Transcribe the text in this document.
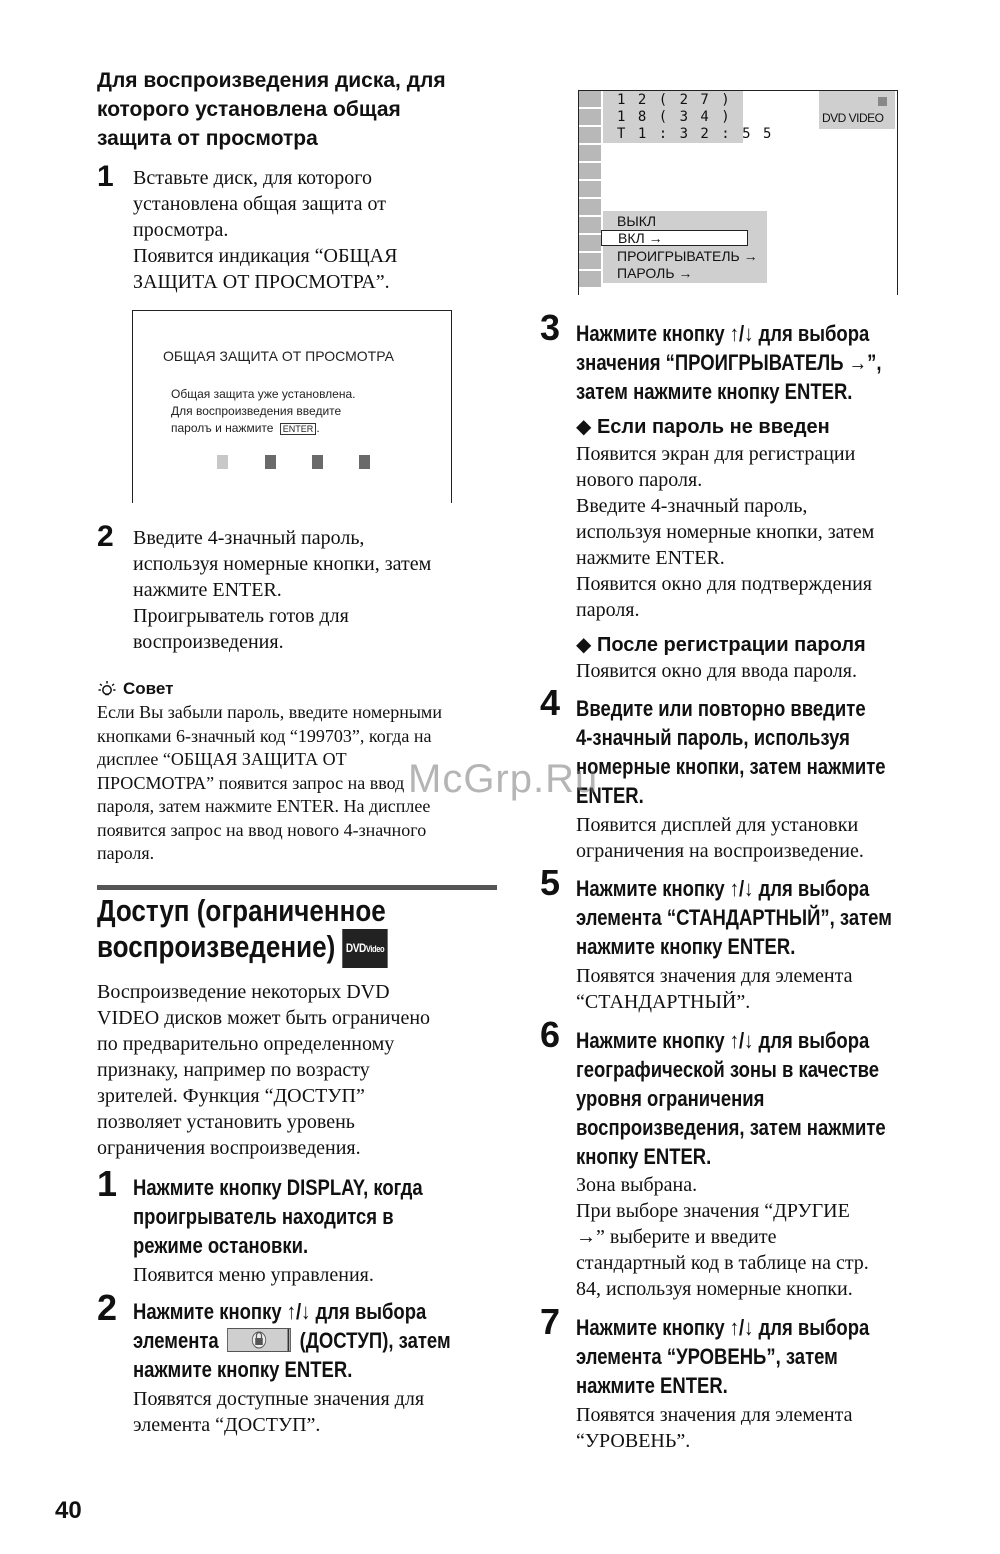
Для воспроизведения диска, для
которого установлена общая
защита от просмотра
1 Вставьте диск, для которого
установлена общая защита от
просмотра.
Появится индикация “ОБЩАЯ
ЗАЩИТА ОТ ПРОСМОТРА”.
ОБЩАЯ ЗАЩИТА ОТ ПРОСМОТРА
Общая защита уже установлена.
Для воспроизведения введите
паролъ и нажмите ENTER .
2 Введите 4-значный пароль,
используя номерные кнопки, затем
нажмите ENTER.
Проигрыватель готов для
воспроизведения.
Совет
Если Вы забыли пароль, введите номерными
кнопками 6-значный код “199703”, когда на
дисплее “ОБЩАЯ ЗАЩИТА ОТ
ПРОСМОТРА” появится запрос на ввод
пароля, затем нажмите ENTER. На дисплее
появится запрос на ввод нового 4-значного
пароля.
Доступ (ограниченное
воспроизведение) DVDVideo
Воспроизведение некоторых DVD
VIDEO дисков может быть ограничено
по предварительно определенному
признаку, например по возрасту
зрителей. Функция “ДОСТУП”
позволяет установить уровень
ограничения воспроизведения.
1 Нажмите кнопку DISPLAY, когда
проигрыватель находится в
режиме остановки.
Появится меню управления.
2 Нажмите кнопку ↑/↓ для выбора
элемента	(ДОСТУП), затем
нажмите кнопку ENTER.
Появятся доступные значения для
элемента “ДОСТУП”.
40
1 2 ( 2 7 )
1 8 ( 3 4 )
T 1 : 3 2 : 5 5
DVD VIDEO
ВЫКЛ
ВКЛ →
ПРОИГРЫВАТЕЛЬ →
ПАРОЛЬ →
3 Нажмите кнопку ↑/↓ для выбора
значения “ПРОИГРЫВАТЕЛЬ →”,
затем нажмите кнопку ENTER.
◆ Если пароль не введен
Появится экран для регистрации
нового пароля.
Введите 4-значный пароль,
используя номерные кнопки, затем
нажмите ENTER.
Появится окно для подтверждения
пароля.
◆ После регистрации пароля
Появится окно для ввода пароля.
4 Введите или повторно введите
4-значный пароль, используя
номерные кнопки, затем нажмите
ENTER.
Появится дисплей для установки
ограничения на воспроизведение.
5 Нажмите кнопку ↑/↓ для выбора
элемента “СТАНДАРТНЫЙ”, затем
нажмите кнопку ENTER.
Появятся значения для элемента
“СТАНДАРТНЫЙ”.
6 Нажмите кнопку ↑/↓ для выбора
географической зоны в качестве
уровня ограничения
воспроизведения, затем нажмите
кнопку ENTER.
Зона выбрана.
При выборе значения “ДРУГИЕ
→” выберите и введите
стандартный код в таблице на стр.
84, используя номерные кнопки.
7 Нажмите кнопку ↑/↓ для выбора
элемента “УРОВЕНЬ”, затем
нажмите ENTER.
Появятся значения для элемента
“УРОВЕНЬ”.
McGrp.Ru
